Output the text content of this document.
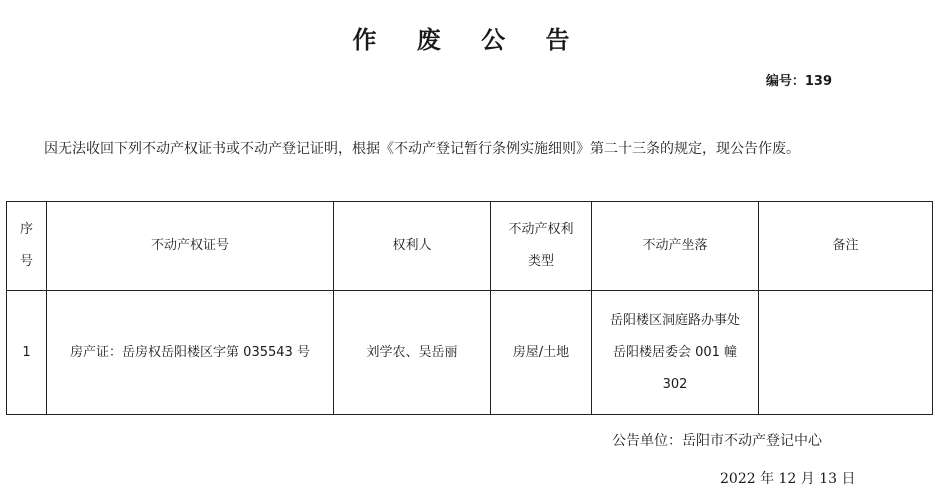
作 废 公 告
编号：139
因无法收回下列不动产权证书或不动产登记证明，根据《不动产登记暂行条例实施细则》第二十三条的规定，现公告作废。
序号	不动产权证号	权利人	不动产权利类型	不动产坐落	备注
1	房产证：岳房权岳阳楼区字第 035543 号	刘学农、吴岳丽	房屋/土地	岳阳楼区洞庭路办事处岳阳楼居委会 001 幢 302	
公告单位：岳阳市不动产登记中心
2022 年 12 月 13 日
